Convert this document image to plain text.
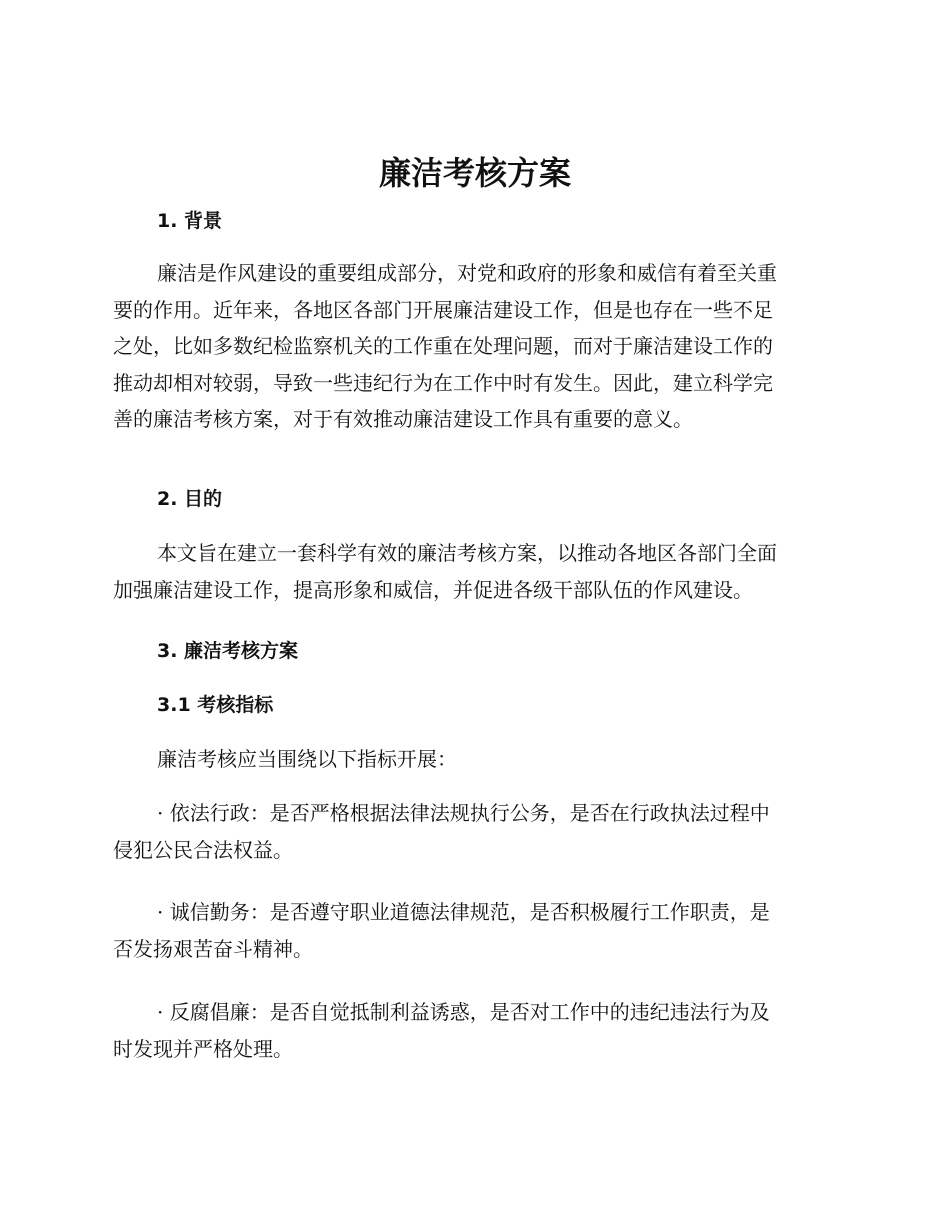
廉洁考核方案
1. 背景

廉洁是作风建设的重要组成部分，对党和政府的形象和威信有着至关重
要的作用。近年来，各地区各部门开展廉洁建设工作，但是也存在一些不足
之处，比如多数纪检监察机关的工作重在处理问题，而对于廉洁建设工作的
推动却相对较弱，导致一些违纪行为在工作中时有发生。因此，建立科学完
善的廉洁考核方案，对于有效推动廉洁建设工作具有重要的意义。

2. 目的

本文旨在建立一套科学有效的廉洁考核方案，以推动各地区各部门全面
加强廉洁建设工作，提高形象和威信，并促进各级干部队伍的作风建设。

3. 廉洁考核方案
3.1 考核指标

廉洁考核应当围绕以下指标开展：

· 依法行政：是否严格根据法律法规执行公务，是否在行政执法过程中
侵犯公民合法权益。

· 诚信勤务：是否遵守职业道德法律规范，是否积极履行工作职责，是
否发扬艰苦奋斗精神。

· 反腐倡廉：是否自觉抵制利益诱惑，是否对工作中的违纪违法行为及
时发现并严格处理。
